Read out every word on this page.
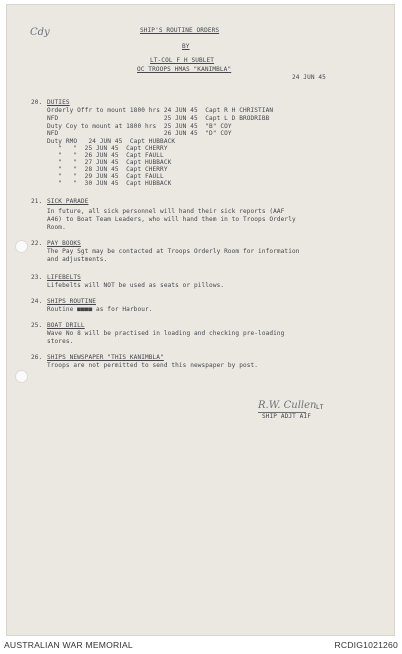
Cdy	SHIP'S ROUTINE ORDERS
BY
LT-COL F H SUBLET
OC TROOPS HMAS "KANIMBLA"
24 JUN 45
20. DUTIES
Orderly Offr to mount 1800 hrs 24 JUN 45  Capt R H CHRISTIAN
NFD                            25 JUN 45  Capt L D BRODRIBB
Duty Coy to mount at 1800 hrs  25 JUN 45  "B" COY
NFD                            26 JUN 45  "D" COY
Duty RMO   24 JUN 45  Capt HUBBACK
"   "  25 JUN 45  Capt CHERRY
"   "  26 JUN 45  Capt FAULL
"   "  27 JUN 45  Capt HUBBACK
"   "  28 JUN 45  Capt CHERRY
"   "  29 JUN 45  Capt FAULL
"   "  30 JUN 45  Capt HUBBACK
21. SICK PARADE
In future, all sick personnel will hand their sick reports (AAF
A46) to Boat Team Leaders, who will hand them in to Troops Orderly
Room.
22. PAY BOOKS
The Pay Sgt may be contacted at Troops Orderly Room for information
and adjustments.
23. LIFEBELTS
Lifebelts will NOT be used as seats or pillows.
24. SHIPS ROUTINE
Routine ■■■■ as for Harbour.
25. BOAT DRILL
Wave No 8 will be practised in loading and checking pre-loading
stores.
26. SHIPS NEWSPAPER "THIS KANIMBLA"
Troops are not permitted to send this newspaper by post.
R.W. Cullen LT
SHIP ADJT AIF
AUSTRALIAN WAR MEMORIAL	RCDIG1021260
